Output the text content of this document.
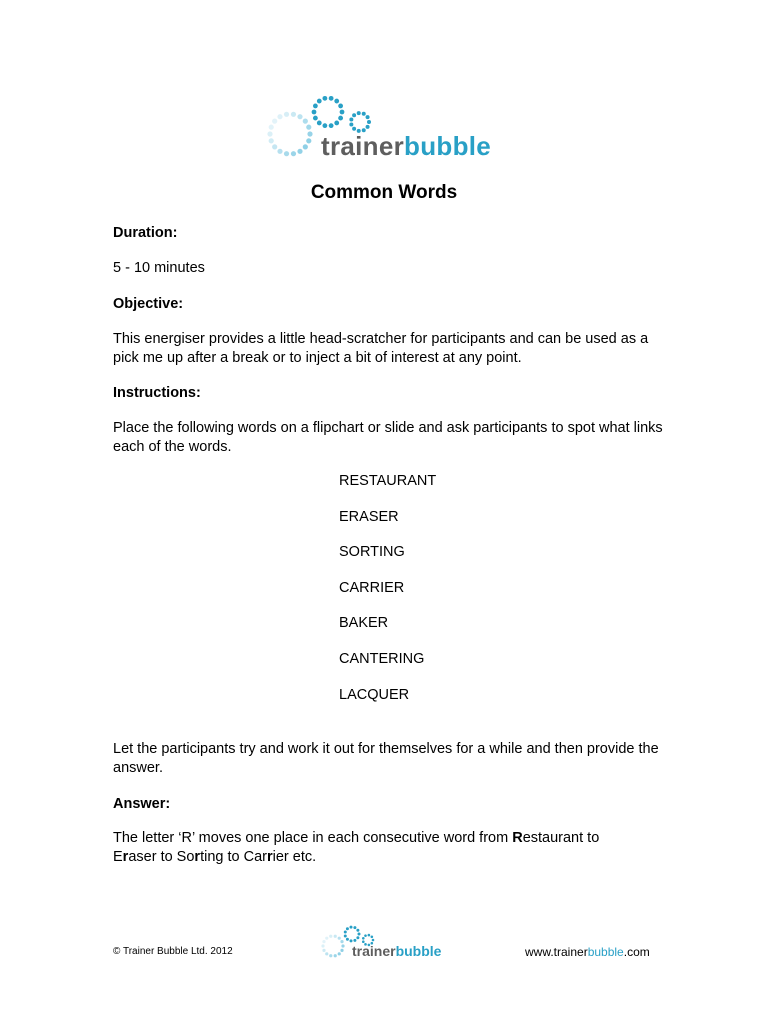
trainerbubble
Common Words
Duration:
5 - 10 minutes
Objective:
This energiser provides a little head-scratcher for participants and can be used as a pick me up after a break or to inject a bit of interest at any point.
Instructions:
Place the following words on a flipchart or slide and ask participants to spot what links each of the words.
RESTAURANT
ERASER
SORTING
CARRIER
BAKER
CANTERING
LACQUER
Let the participants try and work it out for themselves for a while and then provide the answer.
Answer:
The letter ‘R’ moves one place in each consecutive word from Restaurant to
Eraser to Sorting to Carrier etc.
© Trainer Bubble Ltd. 2012	trainerbubble	www.trainerbubble.com
